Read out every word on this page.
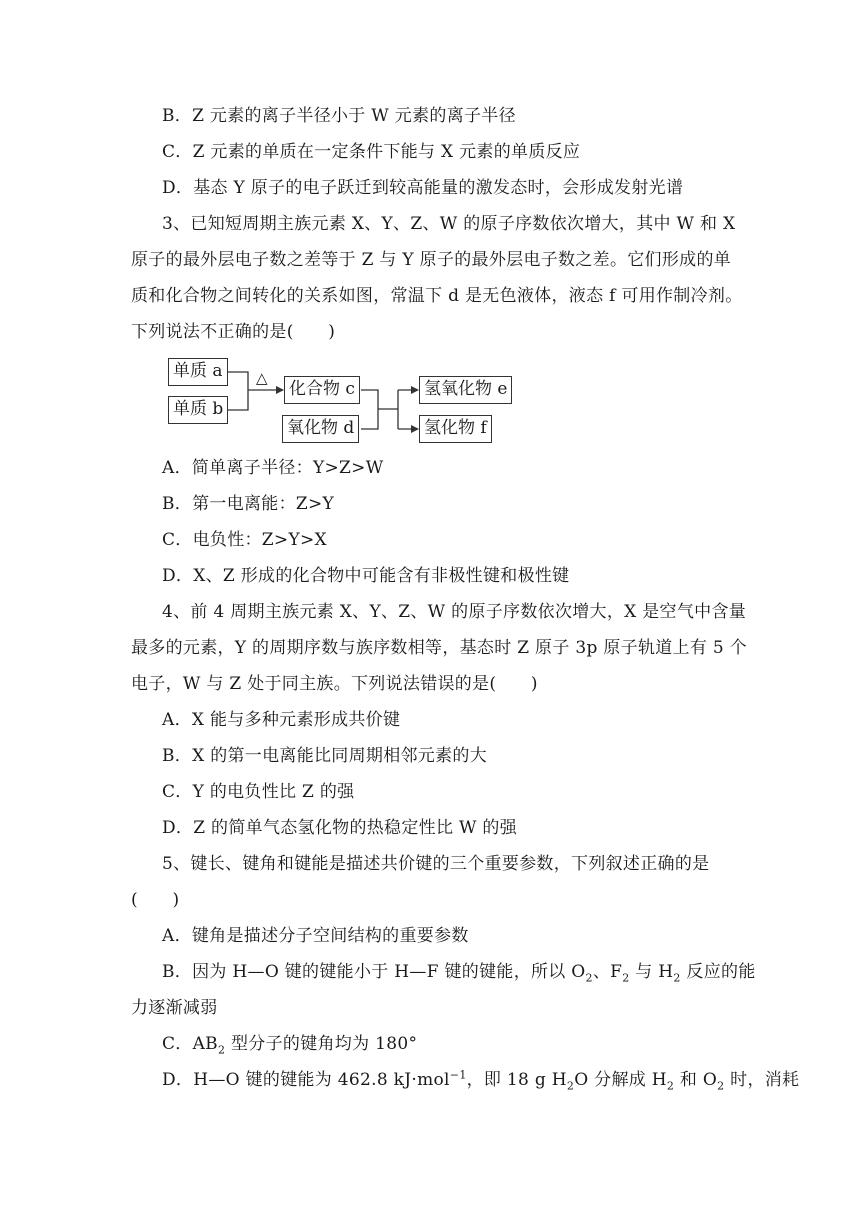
B．Z 元素的离子半径小于 W 元素的离子半径
C．Z 元素的单质在一定条件下能与 X 元素的单质反应
D．基态 Y 原子的电子跃迁到较高能量的激发态时，会形成发射光谱
3、已知短周期主族元素 X、Y、Z、W 的原子序数依次增大，其中 W 和 X
原子的最外层电子数之差等于 Z 与 Y 原子的最外层电子数之差。它们形成的单
质和化合物之间转化的关系如图，常温下 d 是无色液体，液态 f 可用作制冷剂。
下列说法不正确的是(　　)
单质 a
单质 b
△
化合物 c
氧化物 d
氢氧化物 e
氢化物 f
A．简单离子半径：Y>Z>W
B．第一电离能：Z>Y
C．电负性：Z>Y>X
D．X、Z 形成的化合物中可能含有非极性键和极性键
4、前 4 周期主族元素 X、Y、Z、W 的原子序数依次增大，X 是空气中含量
最多的元素，Y 的周期序数与族序数相等，基态时 Z 原子 3p 原子轨道上有 5 个
电子，W 与 Z 处于同主族。下列说法错误的是(　　)
A．X 能与多种元素形成共价键
B．X 的第一电离能比同周期相邻元素的大
C．Y 的电负性比 Z 的强
D．Z 的简单气态氢化物的热稳定性比 W 的强
5、键长、键角和键能是描述共价键的三个重要参数，下列叙述正确的是
(　　)
A．键角是描述分子空间结构的重要参数
B．因为 H—O 键的键能小于 H—F 键的键能，所以 $O_2$、$F_2$ 与 $H_2$ 反应的能
力逐渐减弱
C．$AB_2$ 型分子的键角均为 180°
D．H—O 键的键能为 462.8 kJ·mol$^{-1}$，即 18 g $H_2O$ 分解成 $H_2$ 和 $O_2$ 时，消耗
